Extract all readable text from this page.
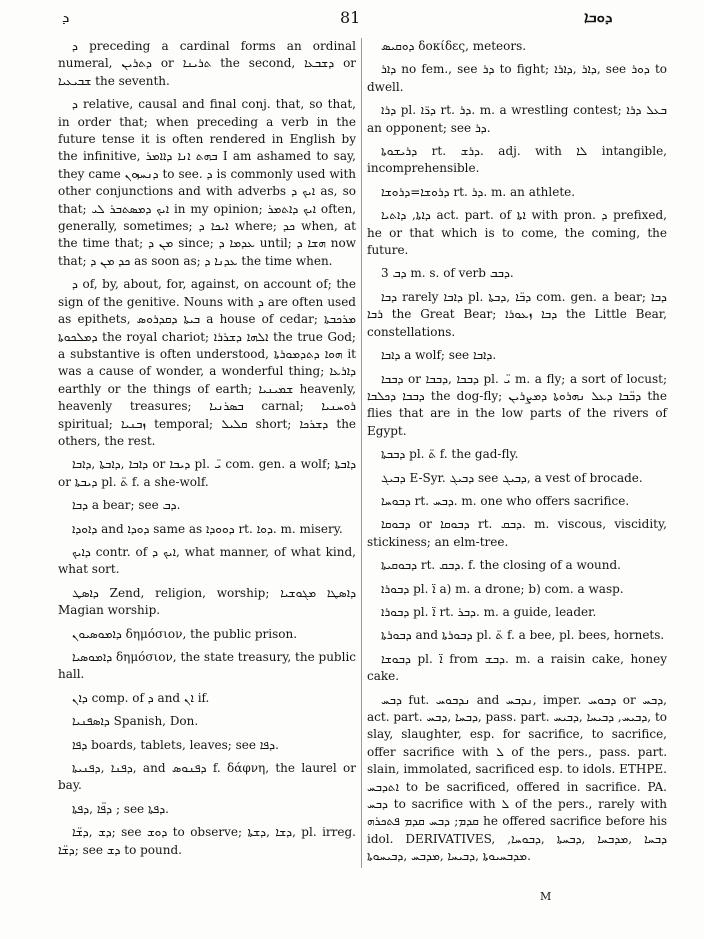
ܕ	81	ܕܘܒܐ

ܕ preceding a cardinal forms an ordinal numeral, ܕܬܪܝܢ or ܬܪܝܢܐ the second, ܕܫܒܥܐ or ܫܒܝܥܝܐ the seventh.

ܕ relative, causal and final conj. that, so that, in order that; when preceding a verb in the future tense it is often rendered in English by the infinitive, ܒܗܬ ܐܢܐ ܕܐܐܡܪ I am ashamed to say, they came ܕܢܚܙܘܢ to see. ܕ is commonly used with other conjunctions and with adverbs ܐܝܟ ܕ as, so that; ܐܝܟ ܕܡܣܬܒܪ ܠܝ in my opinion; ܐܝܟ ܕܐܬܡܪ often, generally, sometimes; ܐܝܟܐ ܕ where; ܟܕ when, at the time that; ܡܢ ܕ since; ܥܕܡܐ ܕ until; ܗܫܐ ܕ now that; ܟܕ ܡܢ ܕ as soon as; ܥܕܢܐ ܕ the time when.

ܕ of, by, about, for, against, on account of; the sign of the genitive. Nouns with ܕ are often used as epithets, ܒܝܬܐ ܕܩܕܪܘܣ a house of cedar; ܡܪܟܒܬܐ ܕܡܠܟܘܬܐ the royal chariot; ܐܠܗܐ ܕܫܪܪܐ the true God; a substantive is often understood, ܗܘܐ ܕܬܕܡܘܪܬܐ it was a cause of wonder, a wonderful thing; ܕܐܪܥܐ earthly or the things of earth; ܫܡܝܢܝܐ heavenly, heavenly treasures; ܒܣܪܢܝܐ carnal; ܪܘܚܢܝܐ spiritual; ܙܒܢܝܐ temporal; ܩܠܝܠ short; ܕܫܪܟܐ the others, the rest.

ܕܐܒܐ ,ܕܐܒܬܐ ,ܕܐܒܐ or ܕܝܒܐ pl. ܝ̈ com. gen. a wolf; ܕܐܒܬܐ or ܕܝܒܬܐ pl. ܬ̈ f. a she-wolf.

ܕܒܐ a bear; see ܕܒ.

ܕܐܘܕܐ and ܕܘܕܐ same as ܕܘܘܕܐ rt. ܕܘܐ. m. misery.

ܕܐܝܟ contr. of ܐܝܟ ܕ, what manner, of what kind, what sort.

ܕܐܣܛ Zend, religion, worship; ܕܐܣܛܐ ܡܓܘܫܝܐ Magian worship.

ܕܐܡܘܣܝܘܢ δημόσιον, the public prison.

ܕܐܡܘܣܝܐ δημόσιον, the state treasury, the public hall.

ܕܐܢ comp. of ܕ and ܐܢ if.

ܕܐܣܦܢܝܐ Spanish, Don.

ܕܦܐ boards, tablets, leaves; see ܕܦܐ.

ܕܦܢܐ ,ܕܦܢܝܬܐ, and ܕܦܢܘܣ f. δάφνη, the laurel or bay.

ܕܦ̈ܐ ,ܕܦܬܐ ; see ܕܦܬܐ.

ܕܫ ,ܕܫ̈ܐ; see ܕܘܫ to observe; ܕܫܐ ,ܕܫܬܐ, pl. irreg. ܕܫ̈ܐ; see ܕܫ to pound.

ܕܘܩܝܣ δοκίδες, meteors.

ܕܐܪ no fem., see ܕܪ to fight; ܕܐܪ ,ܕܐܪܐ, see ܕܘܪ to dwell.

ܕܪܐ pl. ܕܪ̈ܐ rt. ܕܪ. m. a wrestling contest; ܒܥܠ ܕܪܐ an opponent; see ܕܪ.

ܕܪܝܫܘܬܐ rt. ܕܪܫ. adj. with ܠܐ intangible, incomprehensible.

ܕܪܘܫܐ=ܕܪܘܫܐ rt. ܕܪ. m. an athlete.

ܕܐܬܐ, ܕܐܬܝܐ act. part. of ܐܬܐ with pron. ܕ prefixed, he or that which is to come, the coming, the future.

ܕܒ 3 m. s. of verb ܕܒܒ.

ܕܒܐ rarely ܕܐܒܐ pl. ܕܒ̈ܐ ,ܕܒܬܐ com. gen. a bear; ܕܒܐ ܪܒܐ the Great Bear; ܕܒܐ ܙܥܘܪܐ the Little Bear, constellations.

ܕܐܒܐ a wolf; see ܕܐܒܐ.

ܕܒܒܐ or ܕܒܒܐ ,ܕܒܒܐ pl. ܝ̈ m. a fly; a sort of locust; ܕܒܒܐ ܕܟܠܒܐ the dog-fly; ܕܒ̈ܒܐ ܕܥܠ ܢܗܪܘܬܐ ܕܡܨܪܝܢ the flies that are in the low parts of the rivers of Egypt.

ܕܒܒܬܐ pl. ܬ̈ f. the gad-fly.

ܕܒܝܓ E-Syr. ܕܒܝܓ see ܕܒܝܓ, a vest of brocade.

ܕܒܘܚܐ rt. ܕܒܚ. m. one who offers sacrifice.

ܕܒܘܩܐ or ܕܒܘܩܐ rt. ܕܒܩ. m. viscous, viscidity, stickiness; an elm-tree.

ܕܒܘܩܝܬܐ rt. ܕܒܩ. f. the closing of a wound.

ܕܒܘܪܐ pl. ܐ̈ a) m. a drone; b) com. a wasp.

ܕܒܘܪܐ pl. ܐ̈ rt. ܕܒܪ. m. a guide, leader.

ܕܒܘܪܬܐ and ܕܒܘܪܬܐ pl. ܬ̈ f. a bee, pl. bees, hornets.

ܕܒܘܫܐ pl. ܐ̈ from ܕܒܫ. m. a raisin cake, honey cake.

ܕܒܚ fut. ܢܕܒܘܚ and ܢܕܒܚ, imper. ܕܒܘܚ or ܕܒܚ, act. part. ܕܒܚܐ ,ܕܒܚ, pass. part. ܕܒܝܚ, ܕܒܝܚܐ ,ܕܒܝܚ, to slay, slaughter, esp. for sacrifice, to sacrifice, offer sacrifice with ܠ of the pers., pass. part. slain, immolated, sacrificed esp. to idols. ETHPE. ܐܬܕܒܚ to be sacrificed, offered in sacrifice. PA. ܕܒܚ to sacrifice with ܠ of the pers., rarely with ܩܕܡ; ܕܒܚ ܩܕܡ ܦܬܟܪܗ he offered sacrifice before his idol. DERIVATIVES, ܕܒܚܐ ,ܡܕܒܚܐ ,ܕܒܚܬܐ ,ܕܒܘܚܐ, ܡܕܒܚܝܘܬܐ ,ܕܒܝܚܐ ,ܡܕܒܚ ,ܕܒܝܚܘܬܐ.

M
